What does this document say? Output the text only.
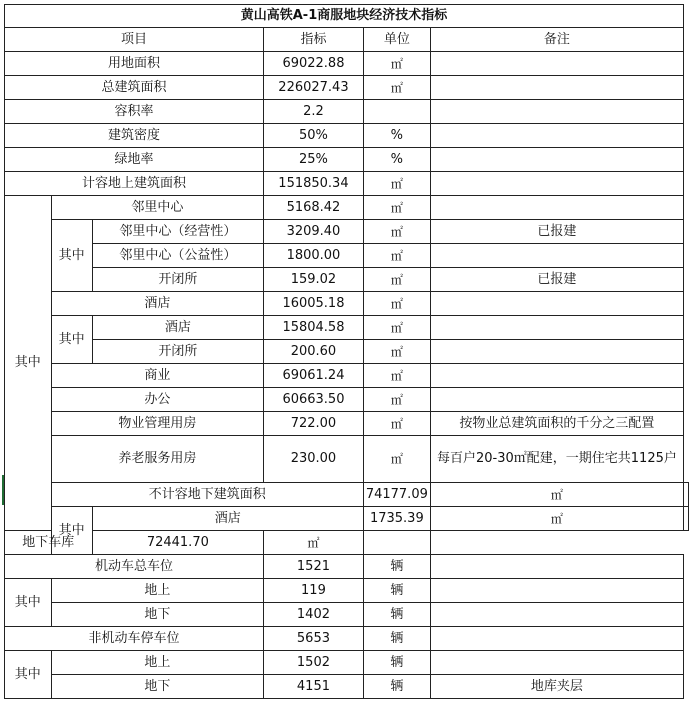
黄山高铁A-1商服地块经济技术指标						
项目			指标	单位	备注	
用地面积			69022.88	㎡		
总建筑面积			226027.43	㎡		
容积率			2.2			
建筑密度			50%	%		
绿地率			25%	%		
计容地上建筑面积			151850.34	㎡		
其中	邻里中心		5168.42	㎡		
	其中	邻里中心（经营性）	3209.40	㎡	已报建	
		邻里中心（公益性）	1800.00	㎡		
		开闭所	159.02	㎡	已报建	
	酒店		16005.18	㎡		
	其中	酒店	15804.58	㎡		
		开闭所	200.60	㎡		
	商业		69061.24	㎡		
	办公		60663.50	㎡		
	物业管理用房		722.00	㎡	按物业总建筑面积的千分之三配置	
	养老服务用房		230.00	㎡	每百户20-30㎡配建，一期住宅共1125户	
	不计容地下建筑面积			74177.09	㎡	
	其中	酒店		1735.39	㎡	
地下车库		72441.70	㎡			
机动车总车位			1521	辆		
其中	地上		119	辆		
	地下		1402	辆		
非机动车停车位			5653	辆		
其中	地上		1502	辆		
	地下		4151	辆	地库夹层	
